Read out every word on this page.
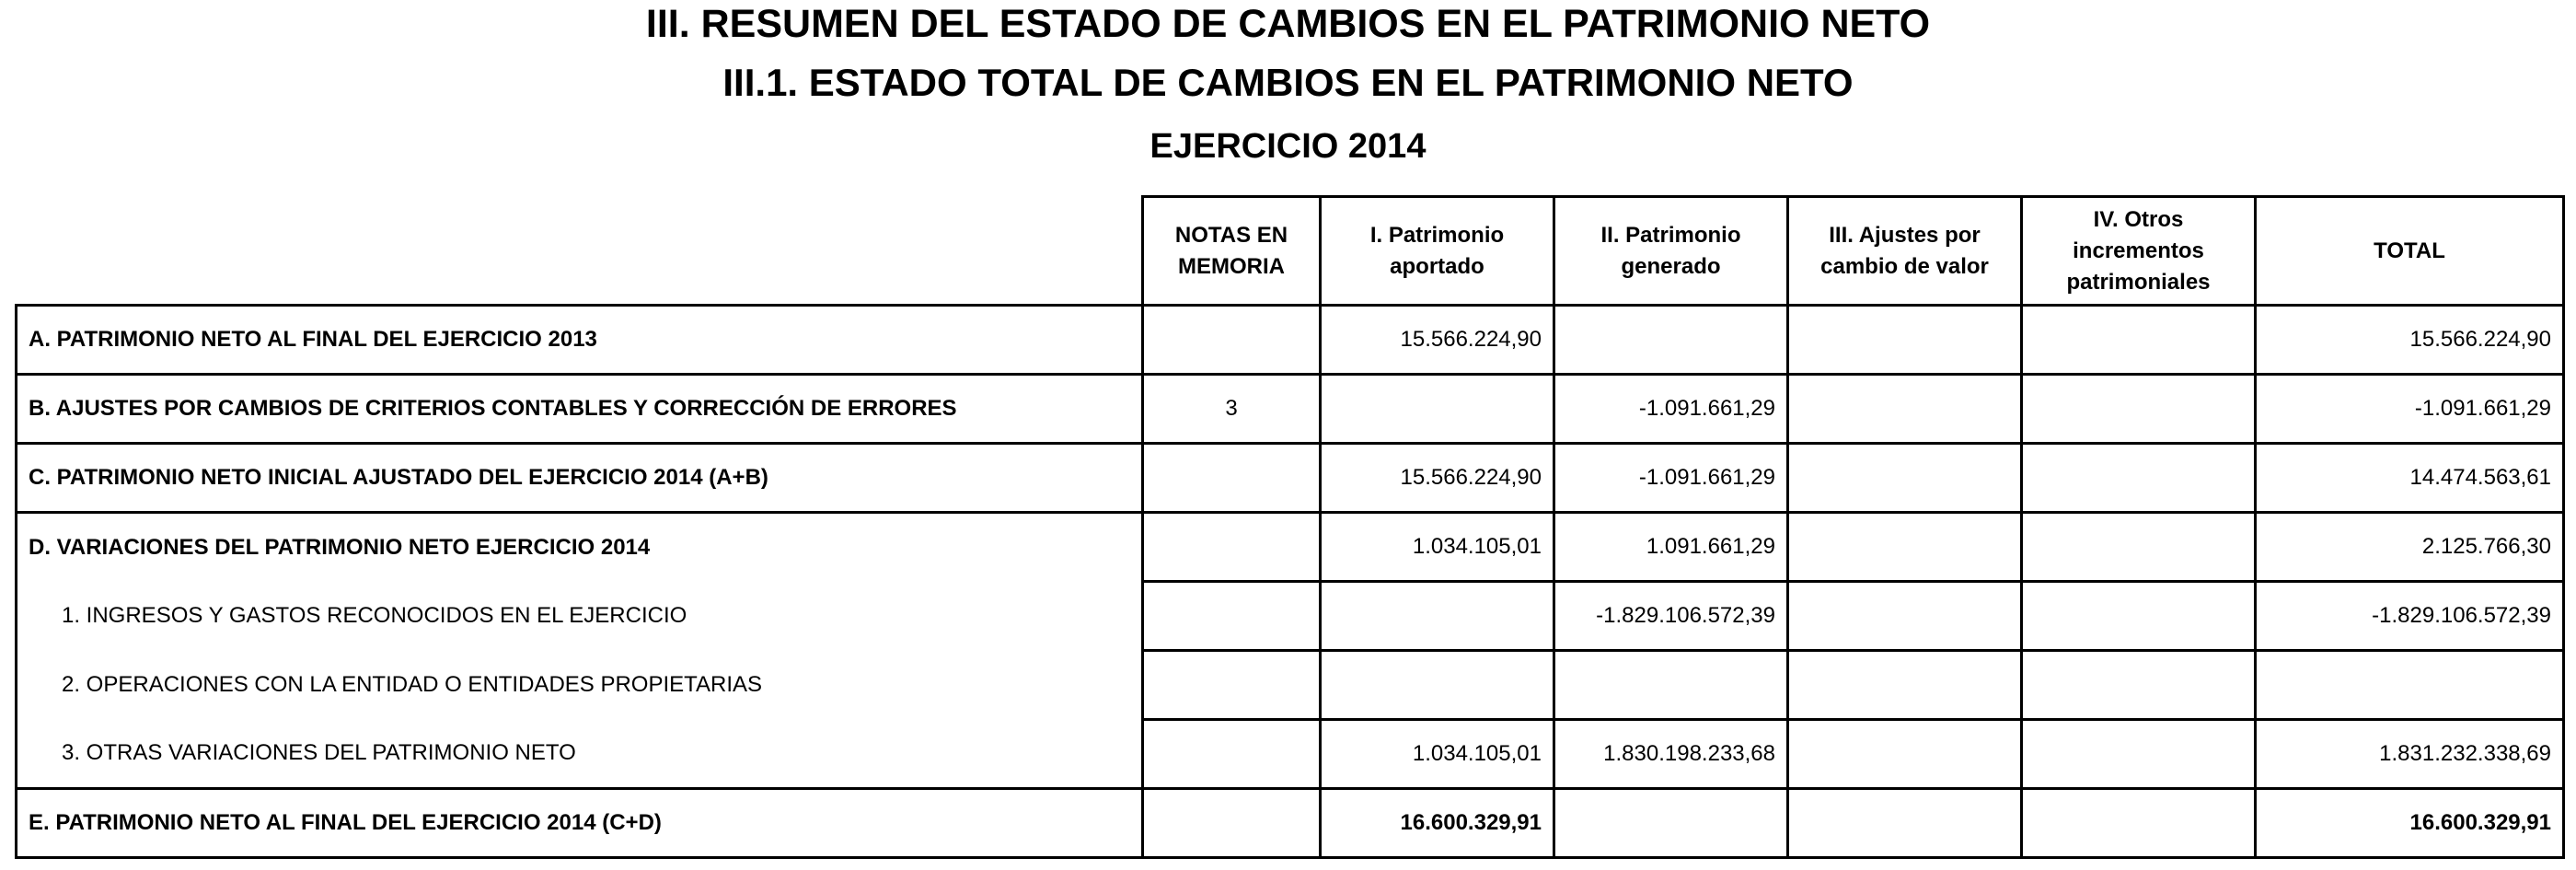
III. RESUMEN DEL ESTADO DE CAMBIOS EN EL PATRIMONIO NETO
III.1. ESTADO TOTAL DE CAMBIOS EN EL PATRIMONIO NETO
EJERCICIO 2014
	NOTAS EN MEMORIA	I. Patrimonio aportado	II. Patrimonio generado	III. Ajustes por cambio de valor	IV. Otros incrementos patrimoniales	TOTAL
A. PATRIMONIO NETO AL FINAL DEL EJERCICIO 2013		15.566.224,90				15.566.224,90
B. AJUSTES POR CAMBIOS DE CRITERIOS CONTABLES Y CORRECCIÓN DE ERRORES	3		-1.091.661,29			-1.091.661,29
C. PATRIMONIO NETO INICIAL AJUSTADO DEL EJERCICIO 2014 (A+B)		15.566.224,90	-1.091.661,29			14.474.563,61
D. VARIACIONES DEL PATRIMONIO NETO EJERCICIO 2014		1.034.105,01	1.091.661,29			2.125.766,30
1. INGRESOS Y GASTOS RECONOCIDOS EN EL EJERCICIO			-1.829.106.572,39			-1.829.106.572,39
2. OPERACIONES CON LA ENTIDAD O ENTIDADES PROPIETARIAS						
3. OTRAS VARIACIONES DEL PATRIMONIO NETO		1.034.105,01	1.830.198.233,68			1.831.232.338,69
E. PATRIMONIO NETO AL FINAL DEL EJERCICIO 2014 (C+D)		16.600.329,91				16.600.329,91
